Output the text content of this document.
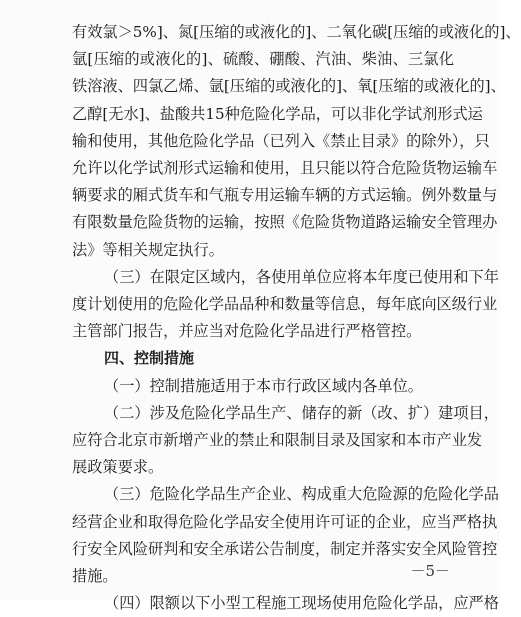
有效氯＞5%]、氮[压缩的或液化的]、二氧化碳[压缩的或液化的]、
氩[压缩的或液化的]、硫酸、硼酸、汽油、柴油、三氯化
铁溶液、四氯乙烯、氩[压缩的或液化的]、氧[压缩的或液化的]、
乙醇[无水]、盐酸共15种危险化学品，可以非化学试剂形式运
输和使用，其他危险化学品（已列入《禁止目录》的除外），只
允许以化学试剂形式运输和使用，且只能以符合危险货物运输车
辆要求的厢式货车和气瓶专用运输车辆的方式运输。例外数量与
有限数量危险货物的运输，按照《危险货物道路运输安全管理办
法》等相关规定执行。
（三）在限定区域内，各使用单位应将本年度已使用和下年
度计划使用的危险化学品品种和数量等信息，每年底向区级行业
主管部门报告，并应当对危险化学品进行严格管控。
四、控制措施
（一）控制措施适用于本市行政区域内各单位。
（二）涉及危险化学品生产、储存的新（改、扩）建项目，
应符合北京市新增产业的禁止和限制目录及国家和本市产业发
展政策要求。
（三）危险化学品生产企业、构成重大危险源的危险化学品
经营企业和取得危险化学品安全使用许可证的企业，应当严格执
行安全风险研判和安全承诺公告制度，制定并落实安全风险管控
措施。
（四）限额以下小型工程施工现场使用危险化学品，应严格
－5－
